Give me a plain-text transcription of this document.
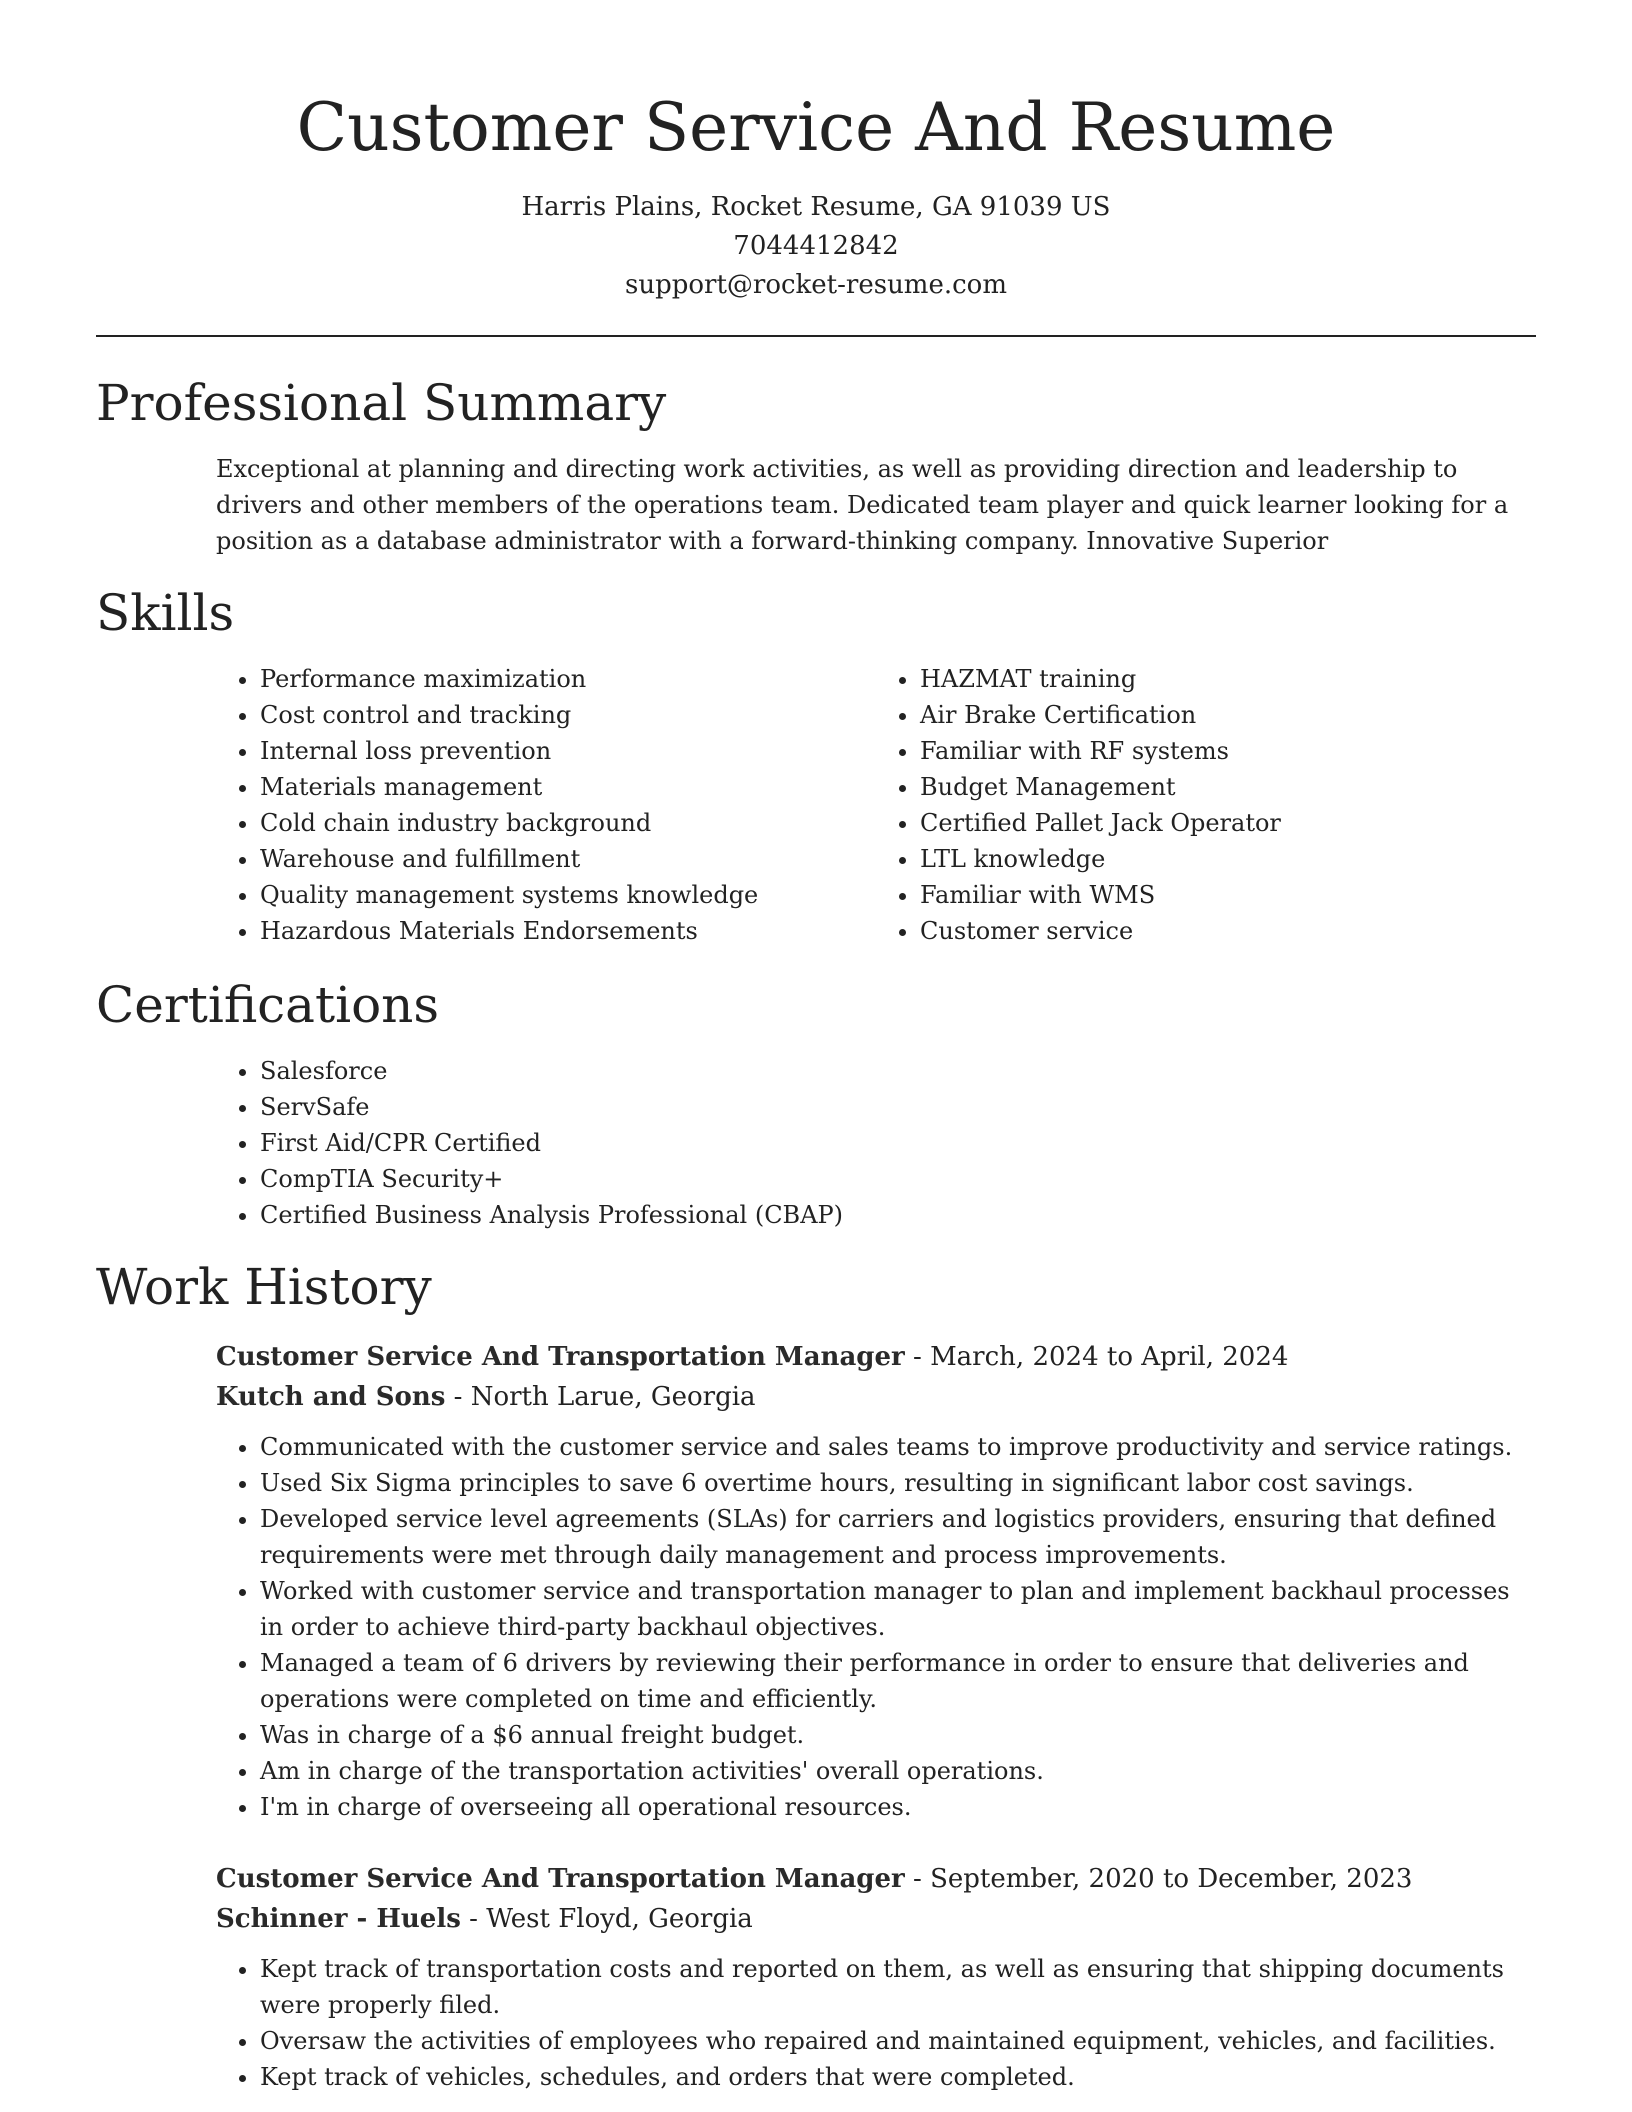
Customer Service And Resume
Harris Plains, Rocket Resume, GA 91039 US
7044412842
support@rocket-resume.com
Professional Summary

Exceptional at planning and directing work activities, as well as providing direction and leadership to drivers and other members of the operations team. Dedicated team player and quick learner looking for a position as a database administrator with a forward-thinking company. Innovative Superior

Skills
• Performance maximization
• Cost control and tracking
• Internal loss prevention
• Materials management
• Cold chain industry background
• Warehouse and fulfillment
• Quality management systems knowledge
• Hazardous Materials Endorsements
• HAZMAT training
• Air Brake Certification
• Familiar with RF systems
• Budget Management
• Certified Pallet Jack Operator
• LTL knowledge
• Familiar with WMS
• Customer service
Certifications
• Salesforce
• ServSafe
• First Aid/CPR Certified
• CompTIA Security+
• Certified Business Analysis Professional (CBAP)
Work History
Customer Service And Transportation Manager - March, 2024 to April, 2024
Kutch and Sons - North Larue, Georgia
• Communicated with the customer service and sales teams to improve productivity and service ratings.
• Used Six Sigma principles to save 6 overtime hours, resulting in significant labor cost savings.
• Developed service level agreements (SLAs) for carriers and logistics providers, ensuring that defined requirements were met through daily management and process improvements.
• Worked with customer service and transportation manager to plan and implement backhaul processes in order to achieve third-party backhaul objectives.
• Managed a team of 6 drivers by reviewing their performance in order to ensure that deliveries and operations were completed on time and efficiently.
• Was in charge of a $6 annual freight budget.
• Am in charge of the transportation activities' overall operations.
• I'm in charge of overseeing all operational resources.
Customer Service And Transportation Manager - September, 2020 to December, 2023
Schinner - Huels - West Floyd, Georgia
• Kept track of transportation costs and reported on them, as well as ensuring that shipping documents were properly filed.
• Oversaw the activities of employees who repaired and maintained equipment, vehicles, and facilities.
• Kept track of vehicles, schedules, and orders that were completed.
